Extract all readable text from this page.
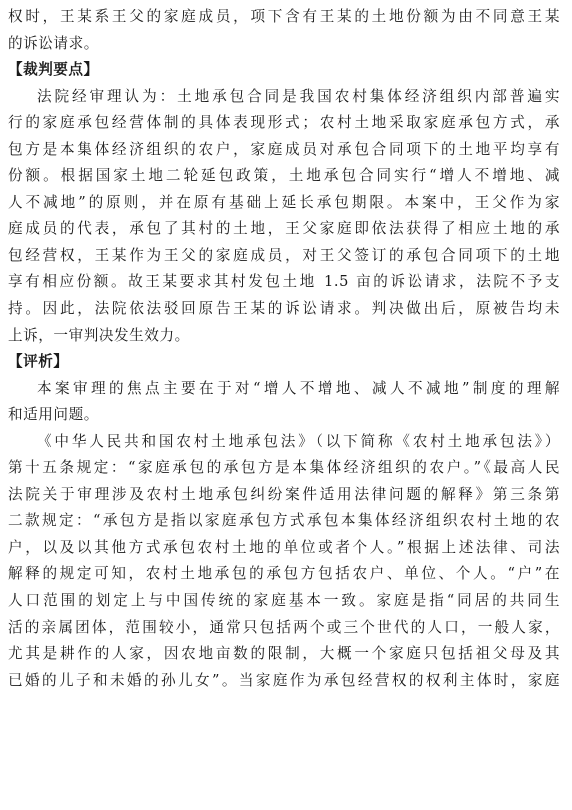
权时，王某系王父的家庭成员，项下含有王某的土地份额为由不同意王某
的诉讼请求。
【裁判要点】
法院经审理认为：土地承包合同是我国农村集体经济组织内部普遍实
行的家庭承包经营体制的具体表现形式；农村土地采取家庭承包方式，承
包方是本集体经济组织的农户，家庭成员对承包合同项下的土地平均享有
份额。根据国家土地二轮延包政策，土地承包合同实行“增人不增地、减
人不减地”的原则，并在原有基础上延长承包期限。本案中，王父作为家
庭成员的代表，承包了其村的土地，王父家庭即依法获得了相应土地的承
包经营权，王某作为王父的家庭成员，对王父签订的承包合同项下的土地
享有相应份额。故王某要求其村发包土地 1.5 亩的诉讼请求，法院不予支
持。因此，法院依法驳回原告王某的诉讼请求。判决做出后，原被告均未
上诉，一审判决发生效力。
【评析】
本案审理的焦点主要在于对“增人不增地、减人不减地”制度的理解
和适用问题。
《中华人民共和国农村土地承包法》（以下简称《农村土地承包法》）
第十五条规定：“家庭承包的承包方是本集体经济组织的农户。”《最高人民
法院关于审理涉及农村土地承包纠纷案件适用法律问题的解释》第三条第
二款规定：“承包方是指以家庭承包方式承包本集体经济组织农村土地的农
户，以及以其他方式承包农村土地的单位或者个人。”根据上述法律、司法
解释的规定可知，农村土地承包的承包方包括农户、单位、个人。“户”在
人口范围的划定上与中国传统的家庭基本一致。家庭是指“同居的共同生
活的亲属团体，范围较小，通常只包括两个或三个世代的人口，一般人家，
尤其是耕作的人家，因农地亩数的限制，大概一个家庭只包括祖父母及其
已婚的儿子和未婚的孙儿女”。当家庭作为承包经营权的权利主体时，家庭
